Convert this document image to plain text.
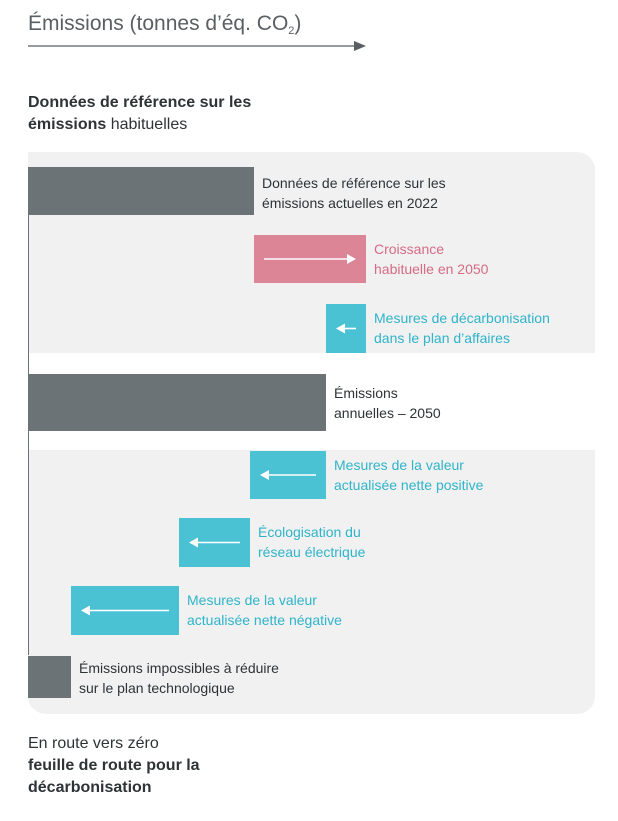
Émissions (tonnes d’éq. $CO_2$)
Données de référence sur les
émissions habituelles
Données de référence sur les
émissions actuelles en 2022
Croissance
habituelle en 2050
Mesures de décarbonisation
dans le plan d’affaires
Émissions
annuelles – 2050
Mesures de la valeur
actualisée nette positive
Écologisation du
réseau électrique
Mesures de la valeur
actualisée nette négative
Émissions impossibles à réduire
sur le plan technologique
En route vers zéro
feuille de route pour la
décarbonisation
